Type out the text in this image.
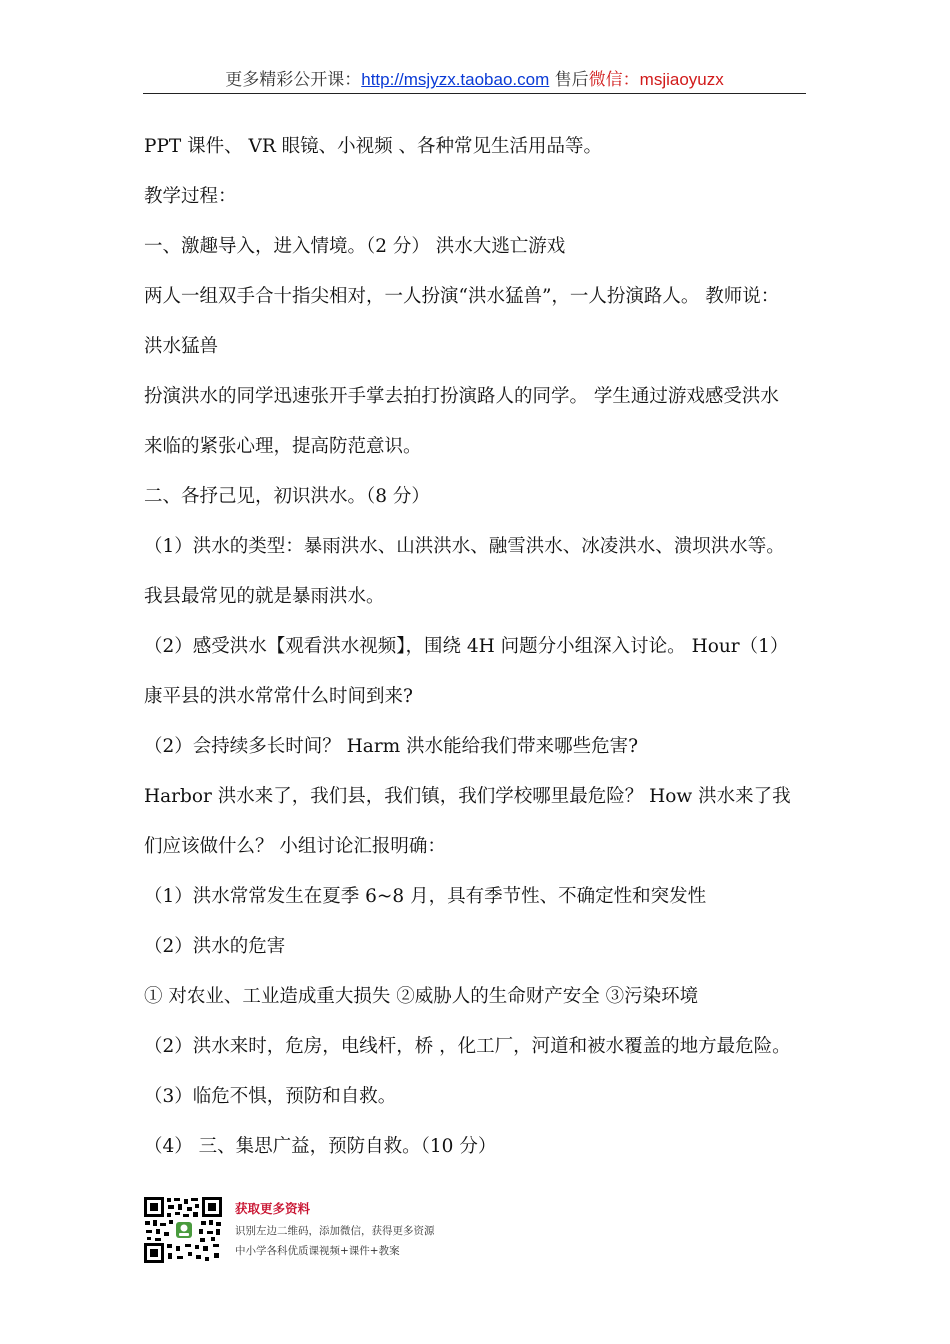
更多精彩公开课：http://msjyzx.taobao.com 售后微信：msjiaoyuzx
PPT 课件、 VR 眼镜、小视频 、各种常见生活用品等。
教学过程：
一、激趣导入，进入情境。（2 分） 洪水大逃亡游戏
两人一组双手合十指尖相对，一人扮演“洪水猛兽”，一人扮演路人。 教师说：
洪水猛兽
扮演洪水的同学迅速张开手掌去拍打扮演路人的同学。 学生通过游戏感受洪水
来临的紧张心理，提高防范意识。
二、各抒己见，初识洪水。（8 分）
（1）洪水的类型：暴雨洪水、山洪洪水、融雪洪水、冰凌洪水、溃坝洪水等。
我县最常见的就是暴雨洪水。
（2）感受洪水【观看洪水视频】，围绕 4H 问题分小组深入讨论。 Hour（1）
康平县的洪水常常什么时间到来?
（2）会持续多长时间？ Harm 洪水能给我们带来哪些危害?
Harbor 洪水来了，我们县，我们镇，我们学校哪里最危险？ How 洪水来了我
们应该做什么？ 小组讨论汇报明确：
（1）洪水常常发生在夏季 6~8 月，具有季节性、不确定性和突发性
（2）洪水的危害
① 对农业、工业造成重大损失 ②威胁人的生命财产安全 ③污染环境
（2）洪水来时，危房，电线杆，桥 ，化工厂，河道和被水覆盖的地方最危险。
（3）临危不惧，预防和自救。
（4） 三、集思广益，预防自救。（10 分）
获取更多资料
识别左边二维码，添加微信，获得更多资源
中小学各科优质课视频+课件+教案
